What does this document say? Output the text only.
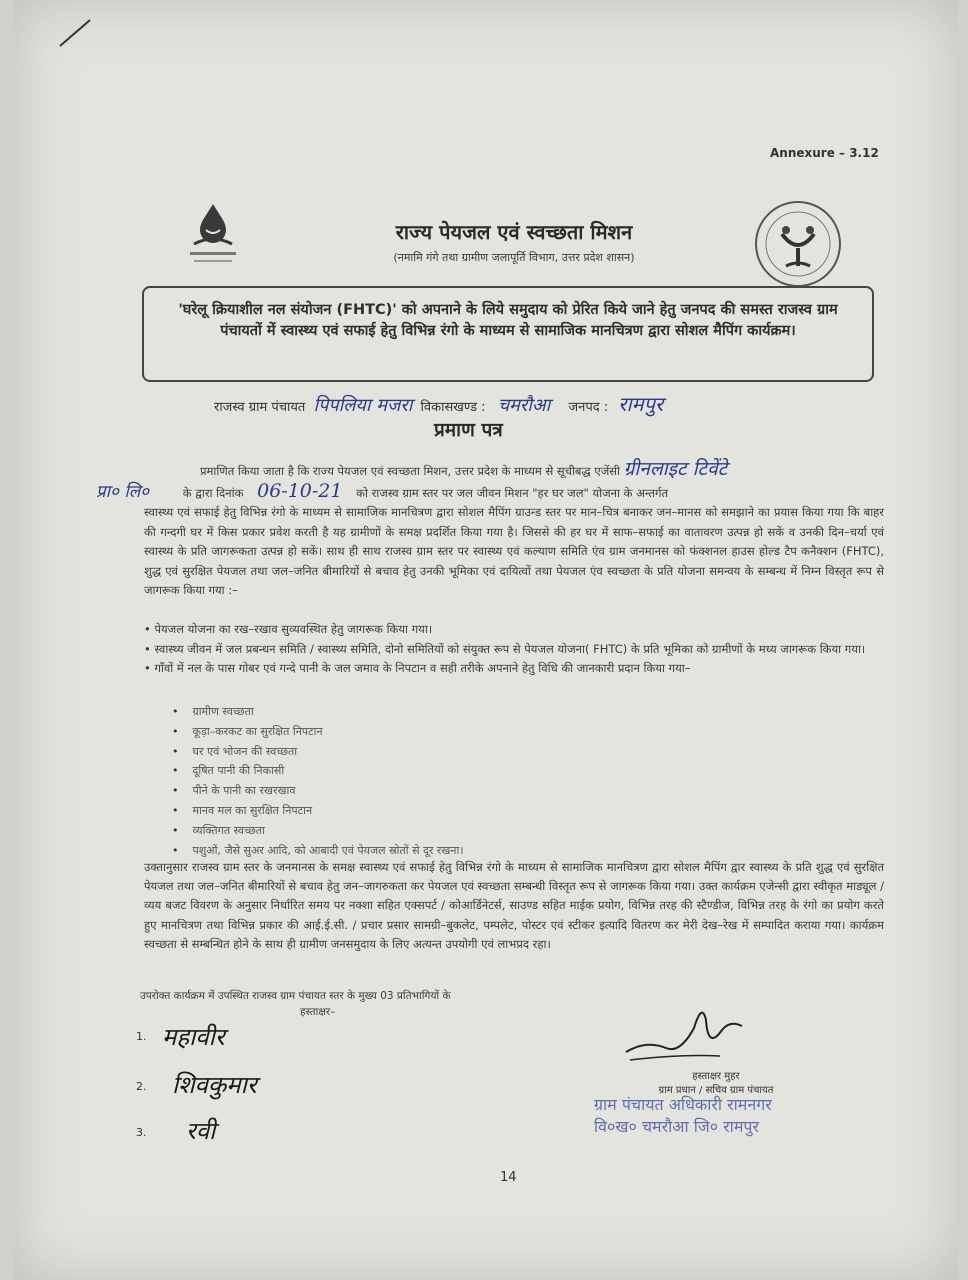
Annexure – 3.12
राज्य पेयजल एवं स्वच्छता मिशन
(नमामि गंगे तथा ग्रामीण जलापूर्ति विभाग, उत्तर प्रदेश शासन)

'घरेलू क्रियाशील नल संयोजन (FHTC)' को अपनाने के लिये समुदाय को प्रेरित किये जाने हेतु जनपद की समस्त राजस्व ग्राम पंचायतों में स्वास्थ्य एवं सफाई हेतु विभिन्न रंगो के माध्यम से सामाजिक मानचित्रण द्वारा सोशल मैपिंग कार्यक्रम।

राजस्व ग्राम पंचायत पिपलिया मजरा विकासखण्ड : चमरौआ जनपद : रामपुर
प्रमाण पत्र

प्रमाणित किया जाता है कि राज्य पेयजल एवं स्वच्छता मिशन, उत्तर प्रदेश के माध्यम से सूचीबद्ध एजेंसी ग्रीनलाइट टिवेंटे

प्रा० लि०	के द्वारा दिनांक 06-10-21 को राजस्व ग्राम स्तर पर जल जीवन मिशन "हर घर जल" योजना के अन्तर्गत

स्वास्थ्य एवं सफाई हेतु विभिन्न रंगो के माध्यम से सामाजिक मानचित्रण द्वारा सोशल मैपिंग ग्राउन्ड स्तर पर मान–चित्र बनाकर जन–मानस को समझाने का प्रयास किया गया कि बाहर की गन्दगी घर में किस प्रकार प्रवेश करती है यह ग्रामीणों के समक्ष प्रदर्शित किया गया है। जिससे की हर घर में साफ–सफाई का वातावरण उत्पन्न हो सकें व उनकी दिन–चर्या एवं स्वास्थ्य के प्रति जागरूकता उत्पन्न हो सकें। साथ ही साथ राजस्व ग्राम स्तर पर स्वास्थ्य एवं कल्याण समिति एंव ग्राम जनमानस को फंक्शनल हाउस होल्ड टैप कनैक्शन (FHTC), शुद्ध एवं सुरक्षित पेयजल तथा जल–जनित बीमारियों से बचाव हेतु उनकी भूमिका एवं दायित्वों तथा पेयजल एंव स्वच्छता के प्रति योजना समन्वय के सम्बन्ध में निम्न विस्तृत रूप से जागरूक किया गया :–

• पेयजल योजना का रख–रखाव सुव्यवस्थित हेतु जागरूक किया गया।
• स्वास्थ्य जीवन में जल प्रबन्धन समिति / स्वास्थ्य समिति, दोनो समितियों को संयुक्त रूप से पेयजल योजना( FHTC) के प्रति भूमिका को ग्रामीणों के मध्य जागरूक किया गया।
• गाँवों में नल के पास गोबर एवं गन्दे पानी के जल जमाव के निपटान व सही तरीके अपनाने हेतु विधि की जानकारी प्रदान किया गया–
• ग्रामीण स्वच्छता
• कूड़ा–करकट का सुरक्षित निपटान
• घर एवं भोजन की स्वच्छता
• दूषित पानी की निकासी
• पीने के पानी का रखरखाव
• मानव मल का सुरक्षित निपटान
• व्यक्तिगत स्वच्छता
• पशुओं, जैसे सुअर आदि, को आबादी एवं पेयजल स्रोतों से दूर रखना।
उक्तानुसार राजस्व ग्राम स्तर के जनमानस के समक्ष स्वास्थ्य एवं सफाई हेतु विभिन्न रंगो के माध्यम से सामाजिक मानचित्रण द्वारा सोशल मैपिंग द्वार स्वास्थ्य के प्रति शुद्ध एवं सुरक्षित पेयजल तथा जल–जनित बीमारियों से बचाव हेतु जन–जागरुकता कर पेयजल एवं स्वच्छता सम्बन्धी विस्तृत रूप से जागरूक किया गया। उक्त कार्यक्रम एजेन्सी द्वारा स्वीकृत माड्यूल / व्यय बजट विवरण के अनुसार निर्धारित समय पर नक्शा सहित एक्सपर्ट / कोआर्डिनेटर्स, साउण्ड सहित माईक प्रयोग, विभिन्न तरह की स्टैण्डीज, विभिन्न तरह के रंगो का प्रयोग करते हुए मानचित्रण तथा विभिन्न प्रकार की आई.ई.सी. / प्रचार प्रसार सामग्री–बुकलेट, पम्पलेट, पोस्टर एवं स्टीकर इत्यादि वितरण कर मेरी देख–रेख में सम्पादित कराया गया। कार्यक्रम स्वच्छता से सम्बन्धित होने के साथ ही ग्रामीण जनसमुदाय के लिए अत्यन्त उपयोगी एवं लाभप्रद रहा।
उपरोक्त कार्यक्रम में उपस्थित राजस्व ग्राम पंचायत स्तर के मुख्य 03 प्रतिभागियों के
हस्ताक्षर–
1. महावीर
2. शिवकुमार
3. रवी
हस्ताक्षर मुहर
ग्राम प्रधान / सचिव ग्राम पंचायत
ग्राम पंचायत अधिकारी रामनगर
वि०ख० चमरौआ जि० रामपुर
14
